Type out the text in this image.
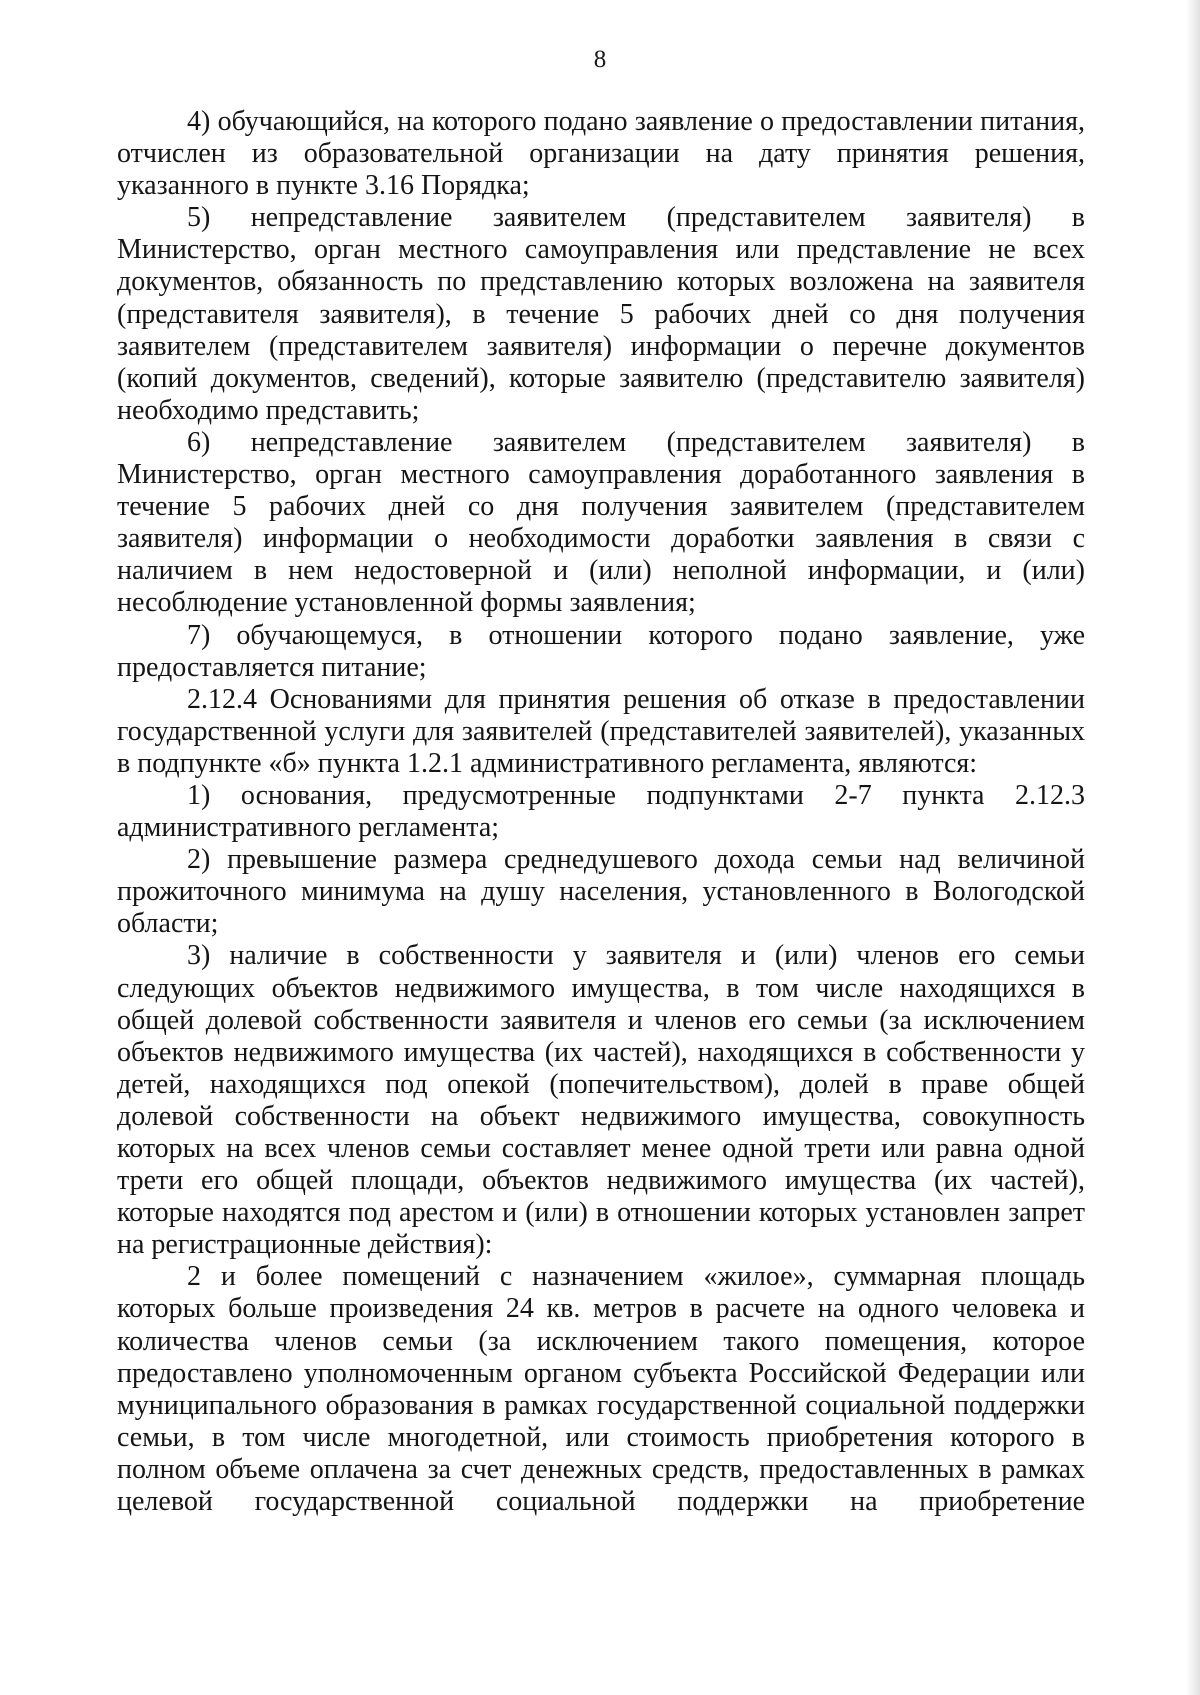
8

4) обучающийся, на которого подано заявление о предоставлении питания, отчислен из образовательной организации на дату принятия решения, указанного в пункте 3.16 Порядка;

5) непредставление заявителем (представителем заявителя) в Министерство, орган местного самоуправления или представление не всех документов, обязанность по представлению которых возложена на заявителя (представителя заявителя), в течение 5 рабочих дней со дня получения заявителем (представителем заявителя) информации о перечне документов (копий документов, сведений), которые заявителю (представителю заявителя) необходимо представить;

6) непредставление заявителем (представителем заявителя) в Министерство, орган местного самоуправления доработанного заявления в течение 5 рабочих дней со дня получения заявителем (представителем заявителя) информации о необходимости доработки заявления в связи с наличием в нем недостоверной и (или) неполной информации, и (или) несоблюдение установленной формы заявления;

7) обучающемуся, в отношении которого подано заявление, уже предоставляется питание;

2.12.4 Основаниями для принятия решения об отказе в предоставлении государственной услуги для заявителей (представителей заявителей), указанных в подпункте «б» пункта 1.2.1 административного регламента, являются:

1) основания, предусмотренные подпунктами 2-7 пункта 2.12.3 административного регламента;

2) превышение размера среднедушевого дохода семьи над величиной прожиточного минимума на душу населения, установленного в Вологодской области;

3) наличие в собственности у заявителя и (или) членов его семьи следующих объектов недвижимого имущества, в том числе находящихся в общей долевой собственности заявителя и членов его семьи (за исключением объектов недвижимого имущества (их частей), находящихся в собственности у детей, находящихся под опекой (попечительством), долей в праве общей долевой собственности на объект недвижимого имущества, совокупность которых на всех членов семьи составляет менее одной трети или равна одной трети его общей площади, объектов недвижимого имущества (их частей), которые находятся под арестом и (или) в отношении которых установлен запрет на регистрационные действия):

2 и более помещений с назначением «жилое», суммарная площадь которых больше произведения 24 кв. метров в расчете на одного человека и количества членов семьи (за исключением такого помещения, которое предоставлено уполномоченным органом субъекта Российской Федерации или муниципального образования в рамках государственной социальной поддержки семьи, в том числе многодетной, или стоимость приобретения которого в полном объеме оплачена за счет денежных средств, предоставленных в рамках целевой государственной социальной поддержки на приобретение
